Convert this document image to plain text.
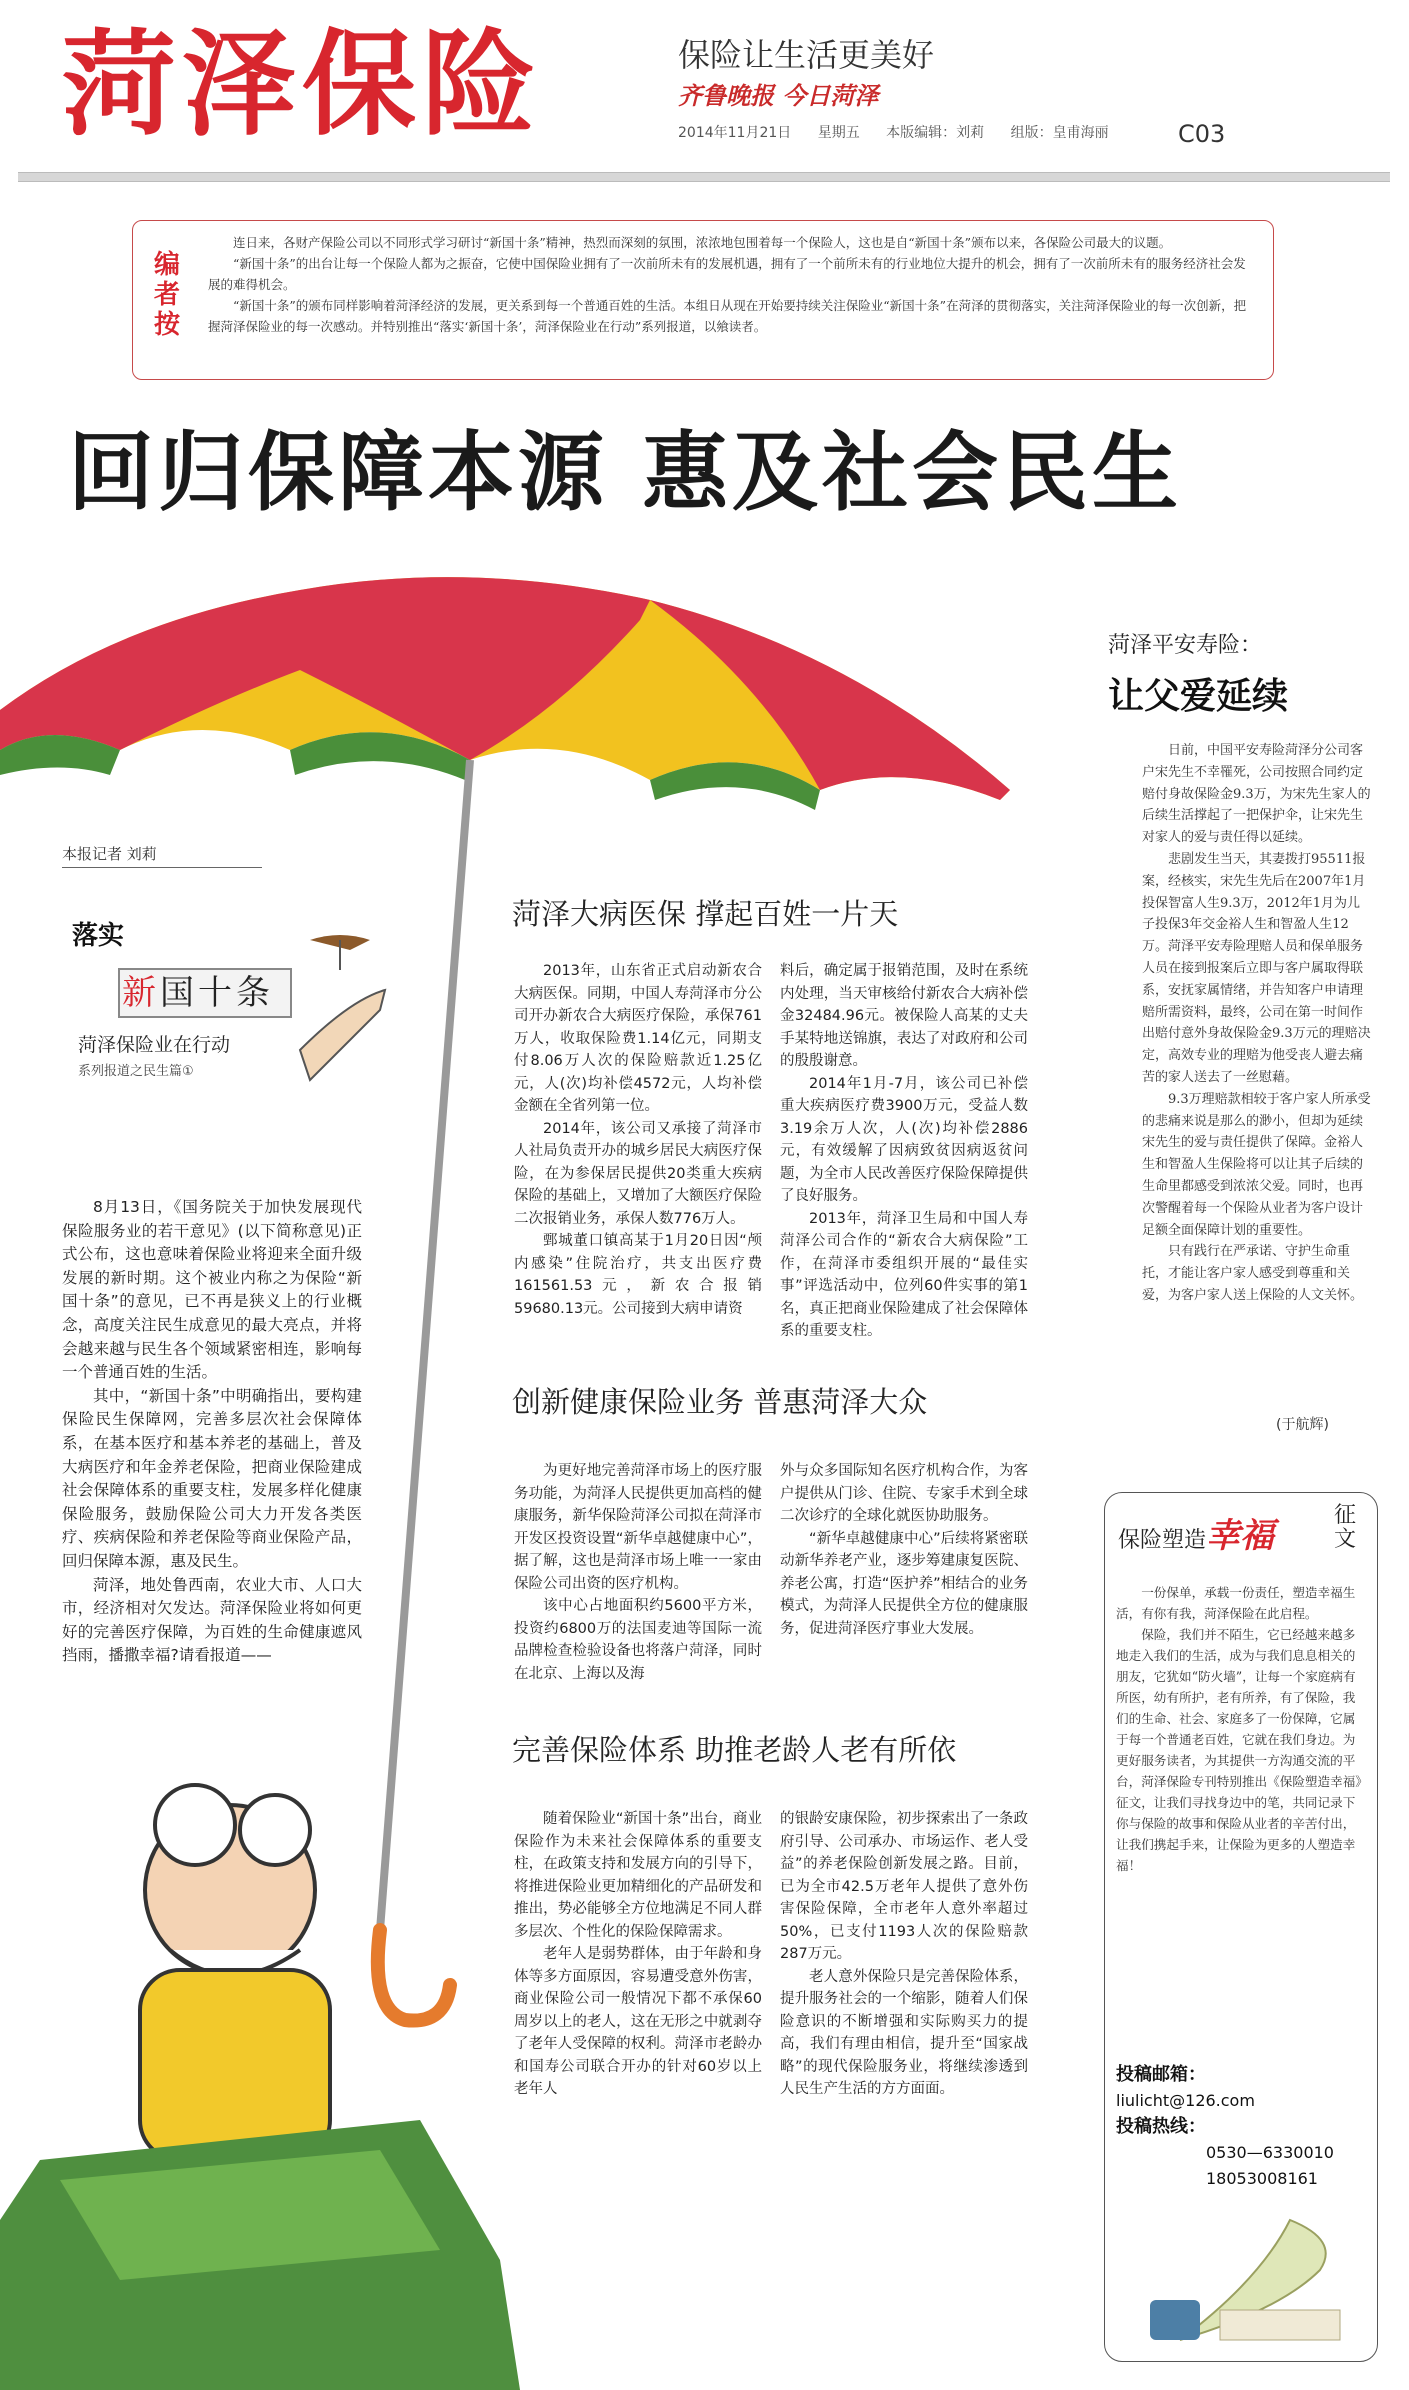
菏泽保险	保险让生活更美好
齐鲁晚报 今日菏泽
2014年11月21日 星期五 本版编辑：刘莉 组版：皇甫海丽	C03
编者按

连日来，各财产保险公司以不同形式学习研讨“新国十条”精神，热烈而深刻的氛围，浓浓地包围着每一个保险人，这也是自“新国十条”颁布以来，各保险公司最大的议题。

“新国十条”的出台让每一个保险人都为之振奋，它使中国保险业拥有了一次前所未有的发展机遇，拥有了一个前所未有的行业地位大提升的机会，拥有了一次前所未有的服务经济社会发展的难得机会。

“新国十条”的颁布同样影响着菏泽经济的发展，更关系到每一个普通百姓的生活。本组日从现在开始要持续关注保险业“新国十条”在菏泽的贯彻落实，关注菏泽保险业的每一次创新，把握菏泽保险业的每一次感动。并特别推出“落实‘新国十条’，菏泽保险业在行动”系列报道，以飨读者。

回归保障本源 惠及社会民生
本报记者 刘莉
落实
新 国 十 条
菏泽保险业在行动
系列报道之民生篇①

8月13日，《国务院关于加快发展现代保险服务业的若干意见》(以下简称意见)正式公布，这也意味着保险业将迎来全面升级发展的新时期。这个被业内称之为保险“新国十条”的意见，已不再是狭义上的行业概念，高度关注民生成意见的最大亮点，并将会越来越与民生各个领域紧密相连，影响每一个普通百姓的生活。

其中，“新国十条”中明确指出，要构建保险民生保障网，完善多层次社会保障体系，在基本医疗和基本养老的基础上，普及大病医疗和年金养老保险，把商业保险建成社会保障体系的重要支柱，发展多样化健康保险服务，鼓励保险公司大力开发各类医疗、疾病保险和养老保险等商业保险产品，回归保障本源，惠及民生。

菏泽，地处鲁西南，农业大市、人口大市，经济相对欠发达。菏泽保险业将如何更好的完善医疗保障，为百姓的生命健康遮风挡雨，播撒幸福?请看报道——

菏泽大病医保 撑起百姓一片天

2013年，山东省正式启动新农合大病医保。同期，中国人寿菏泽市分公司开办新农合大病医疗保险，承保761万人，收取保险费1.14亿元，同期支付8.06万人次的保险赔款近1.25亿元，人(次)均补偿4572元，人均补偿金额在全省列第一位。

2014年，该公司又承接了菏泽市人社局负责开办的城乡居民大病医疗保险，在为参保居民提供20类重大疾病保险的基础上，又增加了大额医疗保险二次报销业务，承保人数776万人。

鄄城董口镇高某于1月20日因“颅内感染”住院治疗，共支出医疗费161561.53元，新农合报销59680.13元。公司接到大病申请资

料后，确定属于报销范围，及时在系统内处理，当天审核给付新农合大病补偿金32484.96元。被保险人高某的丈夫手某特地送锦旗，表达了对政府和公司的殷殷谢意。

2014年1月-7月，该公司已补偿重大疾病医疗费3900万元，受益人数3.19余万人次，人(次)均补偿2886元，有效缓解了因病致贫因病返贫问题，为全市人民改善医疗保险保障提供了良好服务。

2013年，菏泽卫生局和中国人寿菏泽公司合作的“新农合大病保险”工作，在菏泽市委组织开展的“最佳实事”评选活动中，位列60件实事的第1名，真正把商业保险建成了社会保障体系的重要支柱。

创新健康保险业务 普惠菏泽大众

为更好地完善菏泽市场上的医疗服务功能，为菏泽人民提供更加高档的健康服务，新华保险菏泽公司拟在菏泽市开发区投资设置“新华卓越健康中心”，据了解，这也是菏泽市场上唯一一家由保险公司出资的医疗机构。

该中心占地面积约5600平方米，投资约6800万的法国麦迪等国际一流品牌检查检验设备也将落户菏泽，同时在北京、上海以及海

外与众多国际知名医疗机构合作，为客户提供从门诊、住院、专家手术到全球二次诊疗的全球化就医协助服务。

“新华卓越健康中心”后续将紧密联动新华养老产业，逐步筹建康复医院、养老公寓，打造“医护养”相结合的业务模式，为菏泽人民提供全方位的健康服务，促进菏泽医疗事业大发展。

完善保险体系 助推老龄人老有所依

随着保险业“新国十条”出台，商业保险作为未来社会保障体系的重要支柱，在政策支持和发展方向的引导下，将推进保险业更加精细化的产品研发和推出，势必能够全方位地满足不同人群多层次、个性化的保险保障需求。

老年人是弱势群体，由于年龄和身体等多方面原因，容易遭受意外伤害，商业保险公司一般情况下都不承保60周岁以上的老人，这在无形之中就剥夺了老年人受保障的权利。菏泽市老龄办和国寿公司联合开办的针对60岁以上老年人

的银龄安康保险，初步探索出了一条政府引导、公司承办、市场运作、老人受益”的养老保险创新发展之路。目前，已为全市42.5万老年人提供了意外伤害保险保障，全市老年人意外率超过50%，已支付1193人次的保险赔款287万元。

老人意外保险只是完善保险体系，提升服务社会的一个缩影，随着人们保险意识的不断增强和实际购买力的提高，我们有理由相信，提升至“国家战略”的现代保险服务业，将继续渗透到人民生产生活的方方面面。

菏泽平安寿险：
让父爱延续

日前，中国平安寿险菏泽分公司客户宋先生不幸罹死，公司按照合同约定赔付身故保险金9.3万，为宋先生家人的后续生活撑起了一把保护伞，让宋先生对家人的爱与责任得以延续。

悲剧发生当天，其妻拨打95511报案，经核实，宋先生先后在2007年1月投保智富人生9.3万，2012年1月为儿子投保3年交金裕人生和智盈人生12万。菏泽平安寿险理赔人员和保单服务人员在接到报案后立即与客户属取得联系，安抚家属情绪，并告知客户申请理赔所需资料，最终，公司在第一时间作出赔付意外身故保险金9.3万元的理赔决定，高效专业的理赔为他受丧人避去痛苦的家人送去了一丝慰藉。

9.3万理赔款相较于客户家人所承受的悲痛来说是那么的渺小，但却为延续宋先生的爱与责任提供了保障。金裕人生和智盈人生保险将可以让其子后续的生命里都感受到浓浓父爱。同时，也再次警醒着每一个保险从业者为客户设计足额全面保障计划的重要性。

只有践行在严承诺、守护生命重托，才能让客户家人感受到尊重和关爱，为客户家人送上保险的人文关怀。

(于航辉)
保险塑造幸福
征文

一份保单，承载一份责任，塑造幸福生活，有你有我，菏泽保险在此启程。

保险，我们并不陌生，它已经越来越多地走入我们的生活，成为与我们息息相关的朋友，它犹如“防火墙”，让每一个家庭病有所医，幼有所护，老有所养，有了保险，我们的生命、社会、家庭多了一份保障，它属于每一个普通老百姓，它就在我们身边。为更好服务读者，为其提供一方沟通交流的平台，菏泽保险专刊特别推出《保险塑造幸福》征文，让我们寻找身边中的笔，共同记录下你与保险的故事和保险从业者的辛苦付出，让我们携起手来，让保险为更多的人塑造幸福！

投稿邮箱：
liulicht@126.com
投稿热线：
0530—6330010
18053008161
